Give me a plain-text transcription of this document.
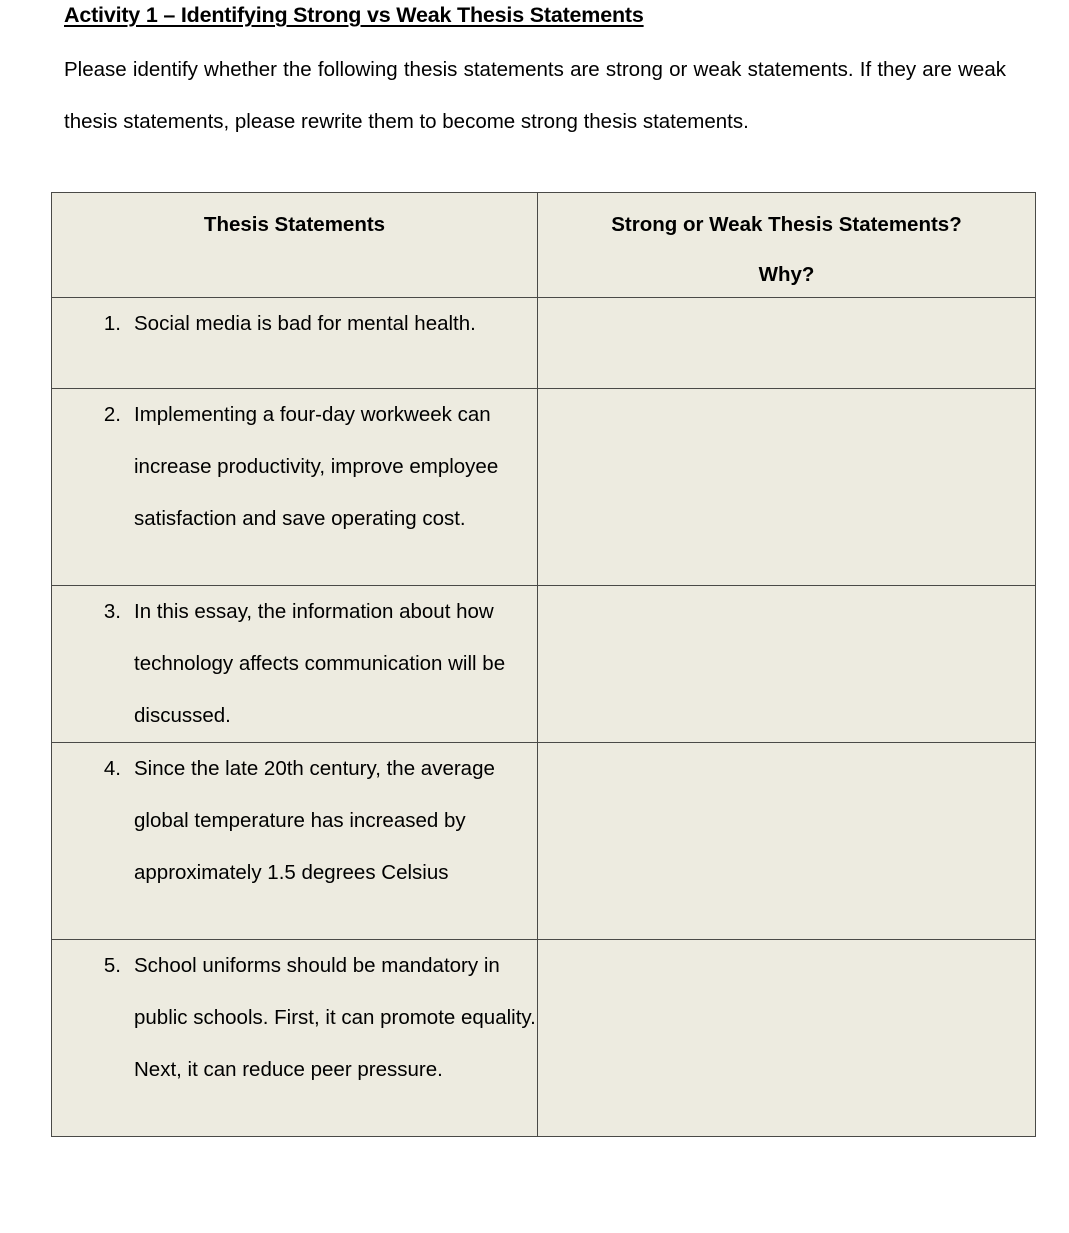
Activity 1 – Identifying Strong vs Weak Thesis Statements
Please identify whether the following thesis statements are strong or weak statements. If they are weak thesis statements, please rewrite them to become strong thesis statements.
Thesis Statements	Strong or Weak Thesis Statements?
Why?

1. Social media is bad for mental health.	

2. Implementing a four-day workweek can increase productivity, improve employee satisfaction and save operating cost.	

3. In this essay, the information about how technology affects communication will be discussed.	

4. Since the late 20th century, the average global temperature has increased by approximately 1.5 degrees Celsius	

5. School uniforms should be mandatory in public schools. First, it can promote equality. Next, it can reduce peer pressure.	
